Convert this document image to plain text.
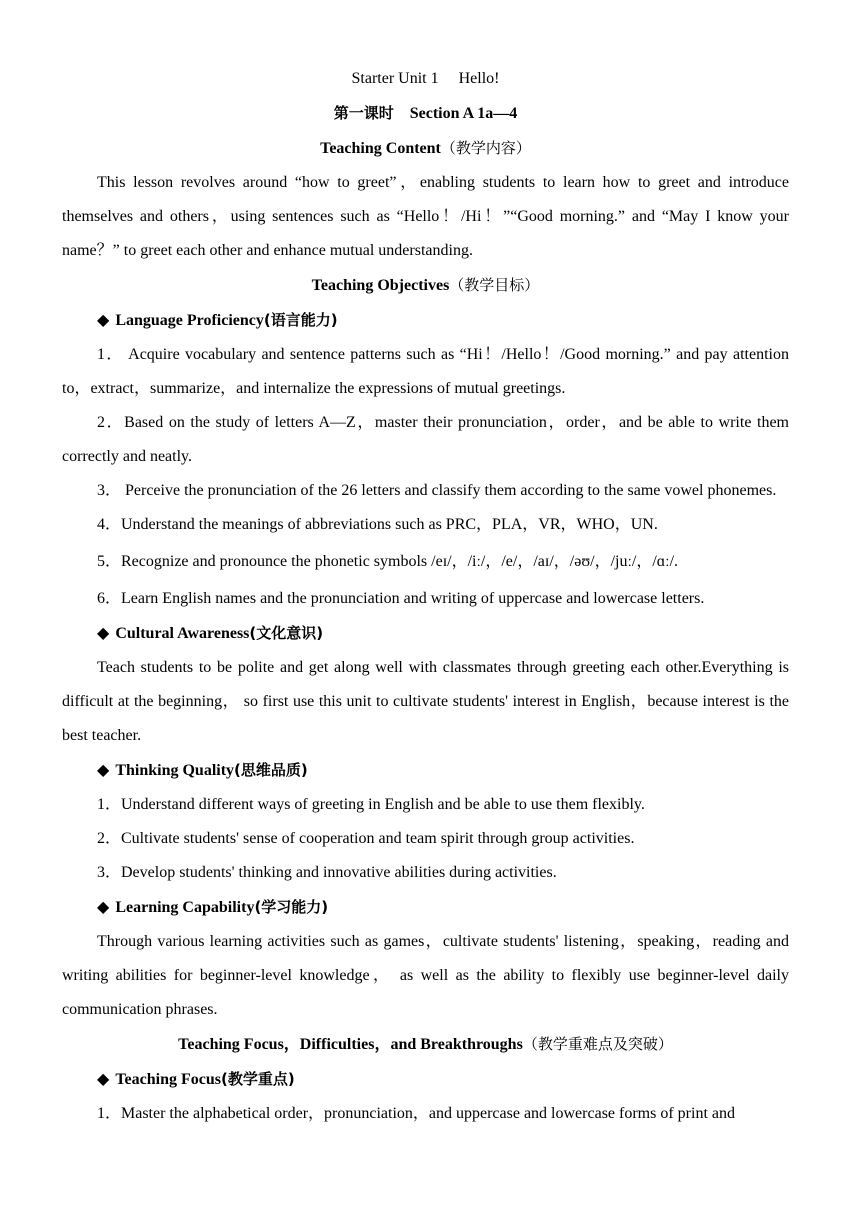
Starter Unit 1　 Hello!
第一课时 Section A 1a—4
Teaching Content（教学内容）

This lesson revolves around “how to greet”，enabling students to learn how to greet and introduce themselves and others，using sentences such as “Hello！/Hi！”“Good morning.” and “May I know your name？” to greet each other and enhance mutual understanding.

Teaching Objectives（教学目标）
◆ Language Proficiency(语言能力)

1． Acquire vocabulary and sentence patterns such as “Hi！/Hello！/Good morning.” and pay attention to，extract，summarize，and internalize the expressions of mutual greetings.

2．Based on the study of letters A—Z，master their pronunciation，order，and be able to write them correctly and neatly.

3． Perceive the pronunciation of the 26 letters and classify them according to the same vowel phonemes.

4．Understand the meanings of abbreviations such as PRC，PLA，VR，WHO，UN.

5．Recognize and pronounce the phonetic symbols /eɪ/，/iː/，/e/，/aɪ/，/əʊ/，/juː/，/ɑː/.

6．Learn English names and the pronunciation and writing of uppercase and lowercase letters.

◆ Cultural Awareness(文化意识)

Teach students to be polite and get along well with classmates through greeting each other.Everything is difficult at the beginning， so first use this unit to cultivate students' interest in English，because interest is the best teacher.

◆ Thinking Quality(思维品质)

1．Understand different ways of greeting in English and be able to use them flexibly.

2．Cultivate students' sense of cooperation and team spirit through group activities.

3．Develop students' thinking and innovative abilities during activities.

◆ Learning Capability(学习能力)

Through various learning activities such as games，cultivate students' listening，speaking，reading and writing abilities for beginner-level knowledge， as well as the ability to flexibly use beginner-level daily communication phrases.

Teaching Focus，Difficulties，and Breakthroughs（教学重难点及突破）
◆ Teaching Focus(教学重点)

1．Master the alphabetical order，pronunciation，and uppercase and lowercase forms of print and
